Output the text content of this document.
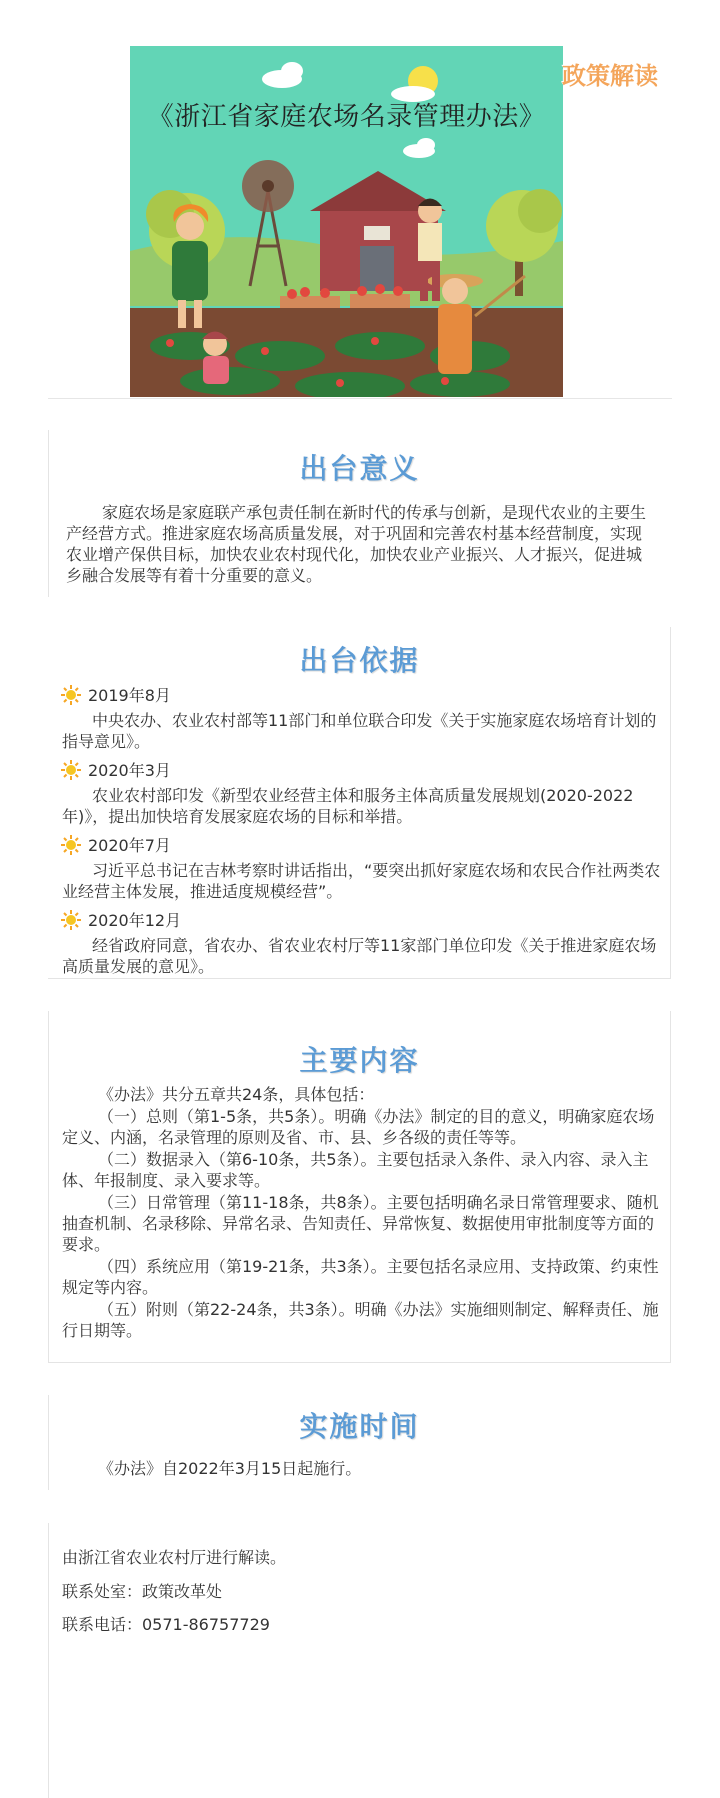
《浙江省家庭农场名录管理办法》
政策解读
出台意义

家庭农场是家庭联产承包责任制在新时代的传承与创新，是现代农业的主要生产经营方式。推进家庭农场高质量发展，对于巩固和完善农村基本经营制度，实现农业增产保供目标，加快农业农村现代化，加快农业产业振兴、人才振兴，促进城乡融合发展等有着十分重要的意义。

出台依据
2019年8月

中央农办、农业农村部等11部门和单位联合印发《关于实施家庭农场培育计划的指导意见》。

2020年3月

农业农村部印发《新型农业经营主体和服务主体高质量发展规划(2020-2022年)》，提出加快培育发展家庭农场的目标和举措。

2020年7月

习近平总书记在吉林考察时讲话指出，“要突出抓好家庭农场和农民合作社两类农业经营主体发展，推进适度规模经营”。

2020年12月

经省政府同意，省农办、省农业农村厅等11家部门单位印发《关于推进家庭农场高质量发展的意见》。

主要内容

《办法》共分五章共24条，具体包括：

（一）总则（第1-5条，共5条）。明确《办法》制定的目的意义，明确家庭农场定义、内涵，名录管理的原则及省、市、县、乡各级的责任等等。

（二）数据录入（第6-10条，共5条）。主要包括录入条件、录入内容、录入主体、年报制度、录入要求等。

（三）日常管理（第11-18条，共8条）。主要包括明确名录日常管理要求、随机抽查机制、名录移除、异常名录、告知责任、异常恢复、数据使用审批制度等方面的要求。

（四）系统应用（第19-21条，共3条）。主要包括名录应用、支持政策、约束性规定等内容。

（五）附则（第22-24条，共3条）。明确《办法》实施细则制定、解释责任、施行日期等。

实施时间

《办法》自2022年3月15日起施行。

由浙江省农业农村厅进行解读。
联系处室：政策改革处
联系电话：0571-86757729
